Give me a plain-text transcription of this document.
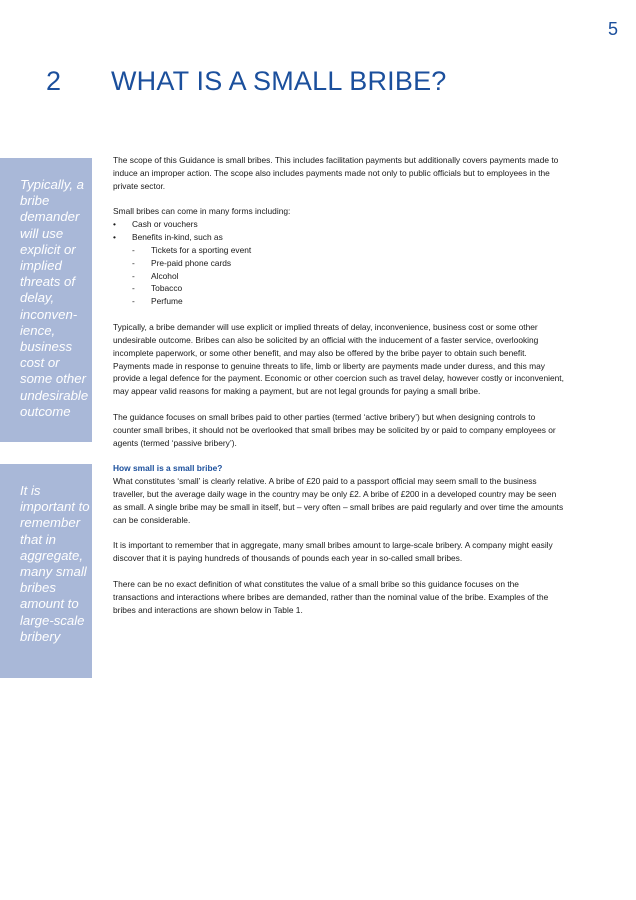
5
2 WHAT IS A SMALL BRIBE?

Typically, a bribe demander will use explicit or implied threats of delay, inconven-ience, business cost or some other undesirable outcome

It is important to remember that in aggregate, many small bribes amount to large-scale bribery

The scope of this Guidance is small bribes. This includes facilitation payments but additionally covers payments made to induce an improper action. The scope also includes payments made not only to public officials but to employees in the private sector.

Small bribes can come in many forms including:

• Cash or vouchers
• Benefits in-kind, such as
- Tickets for a sporting event
- Pre-paid phone cards
- Alcohol
- Tobacco
- Perfume

Typically, a bribe demander will use explicit or implied threats of delay, inconvenience, business cost or some other undesirable outcome. Bribes can also be solicited by an official with the inducement of a faster service, overlooking incomplete paperwork, or some other benefit, and may also be offered by the bribe payer to obtain such benefit. Payments made in response to genuine threats to life, limb or liberty are payments made under duress, and this may provide a legal defence for the payment. Economic or other coercion such as travel delay, however costly or inconvenient, may appear valid reasons for making a payment, but are not legal grounds for paying a small bribe.

The guidance focuses on small bribes paid to other parties (termed ‘active bribery’) but when designing controls to counter small bribes, it should not be overlooked that small bribes may be solicited by or paid to company employees or agents (termed ‘passive bribery’).

How small is a small bribe?

What constitutes ‘small’ is clearly relative. A bribe of £20 paid to a passport official may seem small to the business traveller, but the average daily wage in the country may be only £2. A bribe of £200 in a developed country may be seen as small. A single bribe may be small in itself, but – very often – small bribes are paid regularly and over time the amounts can be considerable.

It is important to remember that in aggregate, many small bribes amount to large-scale bribery. A company might easily discover that it is paying hundreds of thousands of pounds each year in so-called small bribes.

There can be no exact definition of what constitutes the value of a small bribe so this guidance focuses on the transactions and interactions where bribes are demanded, rather than the nominal value of the bribe. Examples of the bribes and interactions are shown below in Table 1.
